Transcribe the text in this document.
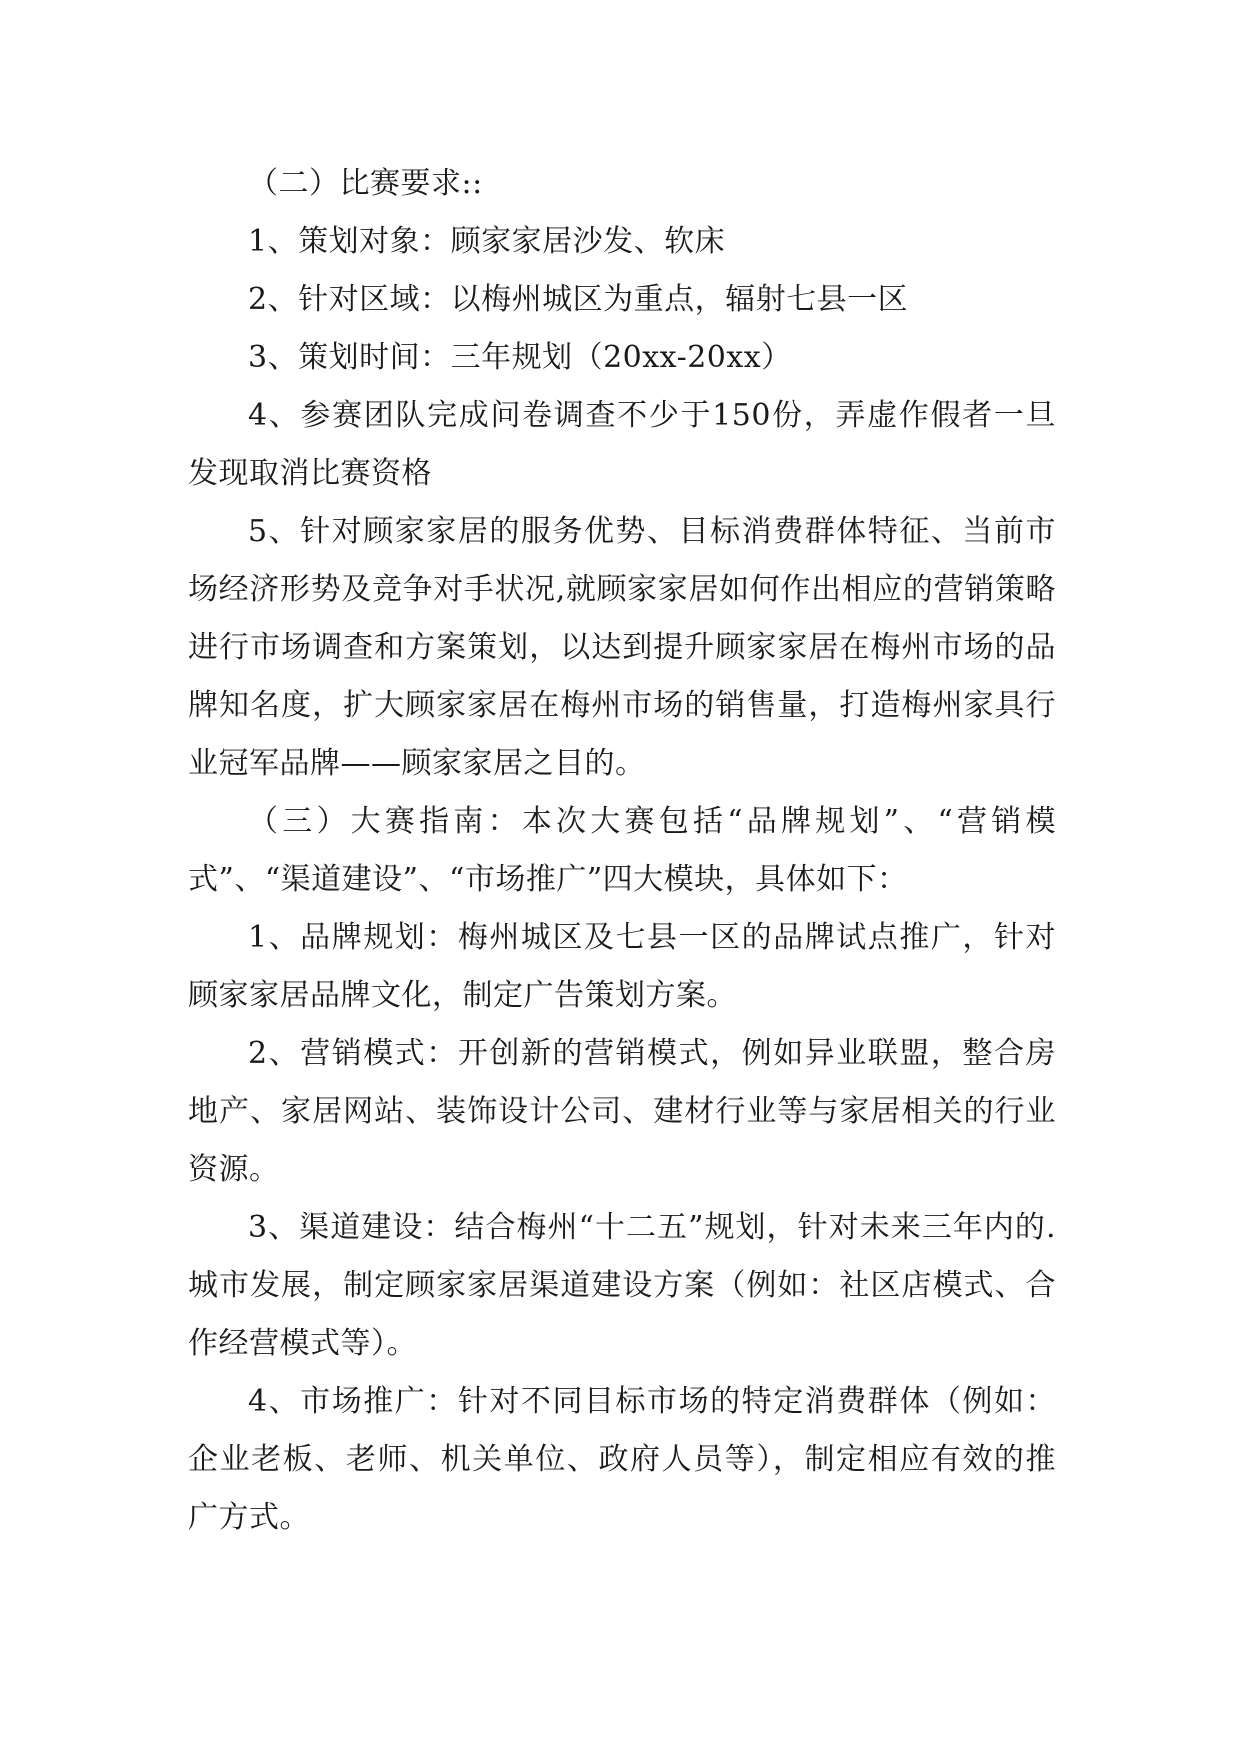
（二）比赛要求::

1、策划对象：顾家家居沙发、软床

2、针对区域：以梅州城区为重点，辐射七县一区

3、策划时间：三年规划（20xx-20xx）

4、参赛团队完成问卷调查不少于150份，弄虚作假者一旦发现取消比赛资格

5、针对顾家家居的服务优势、目标消费群体特征、当前市场经济形势及竞争对手状况,就顾家家居如何作出相应的营销策略进行市场调查和方案策划，以达到提升顾家家居在梅州市场的品牌知名度，扩大顾家家居在梅州市场的销售量，打造梅州家具行业冠军品牌——顾家家居之目的。

（三）大赛指南：本次大赛包括“品牌规划”、“营销模式”、“渠道建设”、“市场推广”四大模块，具体如下：

1、品牌规划：梅州城区及七县一区的品牌试点推广，针对顾家家居品牌文化，制定广告策划方案。

2、营销模式：开创新的营销模式，例如异业联盟，整合房地产、家居网站、装饰设计公司、建材行业等与家居相关的行业资源。

3、渠道建设：结合梅州“十二五”规划，针对未来三年内的.城市发展，制定顾家家居渠道建设方案（例如：社区店模式、合作经营模式等）。

4、市场推广：针对不同目标市场的特定消费群体（例如：企业老板、老师、机关单位、政府人员等），制定相应有效的推广方式。
